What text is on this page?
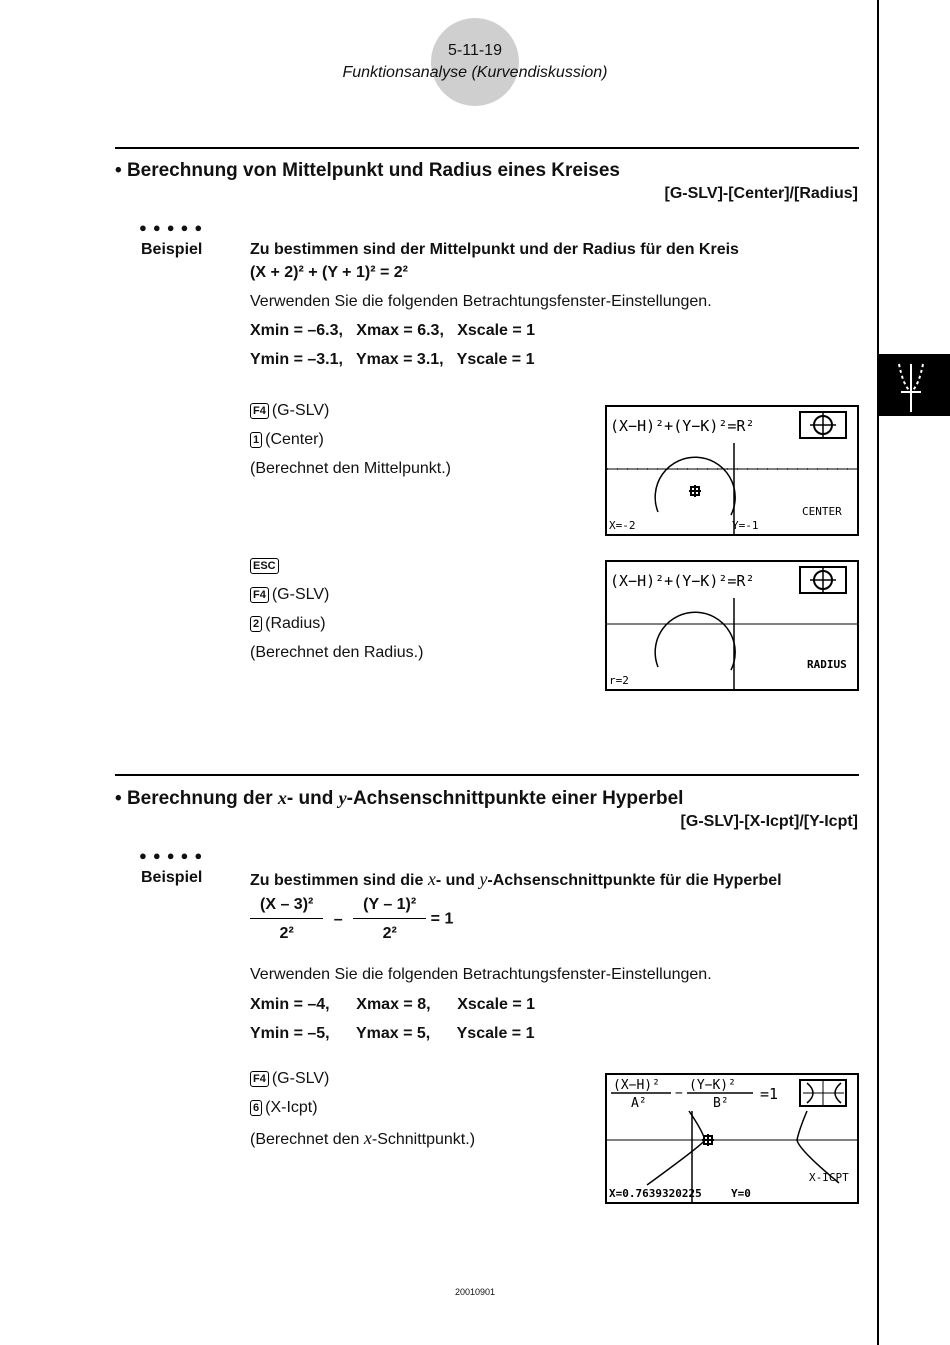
5-11-19
Funktionsanalyse (Kurvendiskussion)
• Berechnung von Mittelpunkt und Radius eines Kreises
[G-SLV]-[Center]/[Radius]
●●●●●
Beispiel	Zu bestimmen sind der Mittelpunkt und der Radius für den Kreis
(X + 2)² + (Y + 1)² = 2²
Verwenden Sie die folgenden Betrachtungsfenster-Einstellungen.
Xmin = –6.3,   Xmax = 6.3,   Xscale = 1
Ymin = –3.1,   Ymax = 3.1,   Yscale = 1
F4 (G-SLV)
1 (Center)
(Berechnet den Mittelpunkt.)
(X−H)²+(Y−K)²=R²
CENTER
X=-2	Y=-1
ESC
F4 (G-SLV)
2 (Radius)
(Berechnet den Radius.)
(X−H)²+(Y−K)²=R²
RADIUS
r=2
• Berechnung der x- und y-Achsenschnittpunkte einer Hyperbel
[G-SLV]-[X-Icpt]/[Y-Icpt]
●●●●●
Beispiel	Zu bestimmen sind die x- und y-Achsenschnittpunkte für die Hyperbel
$\frac{\text{(X – 3)²}}{\text{2²}} - \frac{\text{(Y – 1)²}}{\text{2²}} = 1$
Verwenden Sie die folgenden Betrachtungsfenster-Einstellungen.
Xmin = –4,      Xmax = 8,      Xscale = 1
Ymin = –5,      Ymax = 5,      Yscale = 1
F4 (G-SLV)
6 (X-Icpt)
(Berechnet den x-Schnittpunkt.)
(X−H)²
A²
−
(Y−K)²
B²
=1
X-ICPT
X=0.7639320225	Y=0
20010901
